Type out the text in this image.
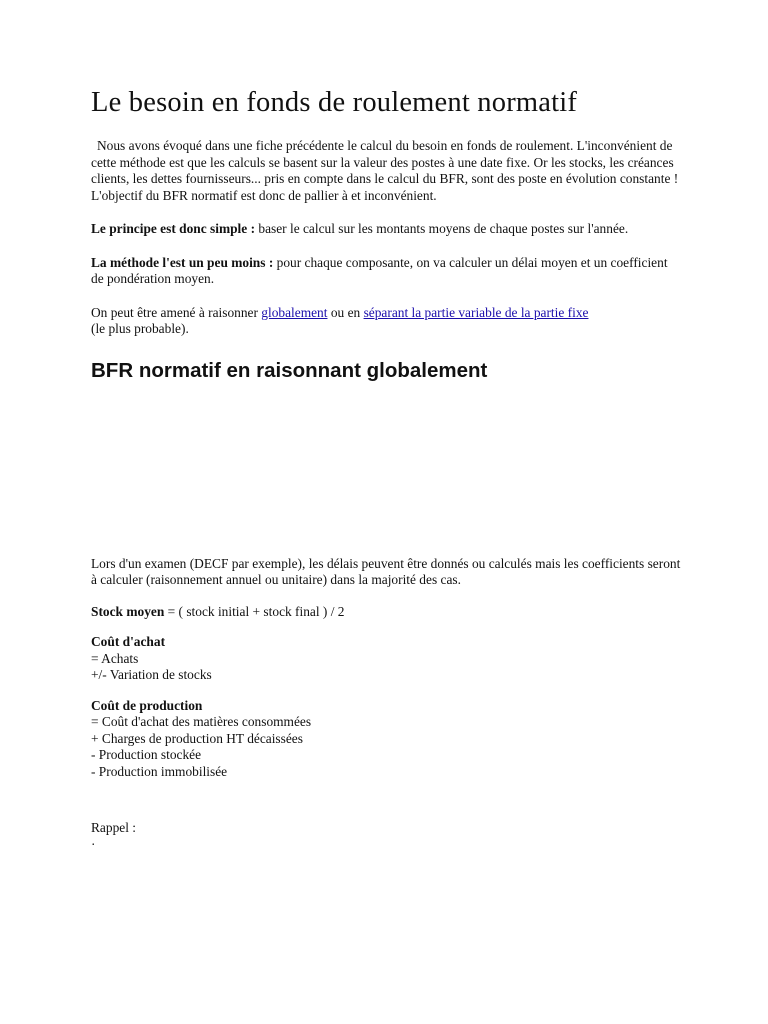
Le besoin en fonds de roulement normatif

Nous avons évoqué dans une fiche précédente le calcul du besoin en fonds de roulement. L'inconvénient de cette méthode est que les calculs se basent sur la valeur des postes à une date fixe. Or les stocks, les créances clients, les dettes fournisseurs... pris en compte dans le calcul du BFR, sont des poste en évolution constante ! L'objectif du BFR normatif est donc de pallier à et inconvénient.

Le principe est donc simple : baser le calcul sur les montants moyens de chaque postes sur l'année.

La méthode l'est un peu moins : pour chaque composante, on va calculer un délai moyen et un coefficient de pondération moyen.

On peut être amené à raisonner globalement ou en séparant la partie variable de la partie fixe
(le plus probable).

BFR normatif en raisonnant globalement

Lors d'un examen (DECF par exemple), les délais peuvent être donnés ou calculés mais les coefficients seront à calculer (raisonnement annuel ou unitaire) dans la majorité des cas.

Stock moyen = ( stock initial + stock final ) / 2

Coût d'achat
= Achats
+/- Variation de stocks

Coût de production
= Coût d'achat des matières consommées
+ Charges de production HT décaissées
- Production stockée
- Production immobilisée

Rappel :
·
